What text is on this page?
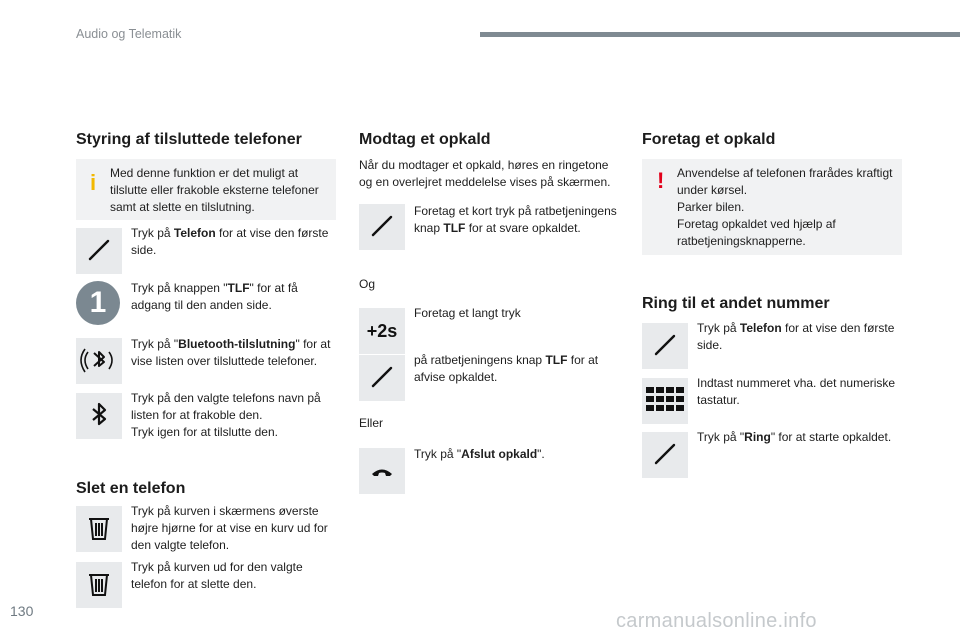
Audio og Telematik
Styring af tilsluttede telefoner
i Med denne funktion er det muligt at tilslutte eller frakoble eksterne telefoner samt at slette en tilslutning.
Tryk på Telefon for at vise den første side.
1	Tryk på knappen "TLF" for at få adgang til den anden side.
Tryk på "Bluetooth-tilslutning" for at vise listen over tilsluttede telefoner.
Tryk på den valgte telefons navn på listen for at frakoble den.
Tryk igen for at tilslutte den.
Slet en telefon
Tryk på kurven i skærmens øverste højre hjørne for at vise en kurv ud for den valgte telefon.
Tryk på kurven ud for den valgte telefon for at slette den.
Modtag et opkald
Når du modtager et opkald, høres en ringetone og en overlejret meddelelse vises på skærmen.
Foretag et kort tryk på ratbetjeningens knap TLF for at svare opkaldet.
Og
+2s
Foretag et langt tryk
på ratbetjeningens knap TLF for at afvise opkaldet.
Eller
Tryk på "Afslut opkald".
Foretag et opkald
! Anvendelse af telefonen frarådes kraftigt under kørsel.
Parker bilen.
Foretag opkaldet ved hjælp af ratbetjeningsknapperne.
Ring til et andet nummer
Tryk på Telefon for at vise den første side.
Indtast nummeret vha. det numeriske tastatur.
Tryk på "Ring" for at starte opkaldet.
130	carmanualsonline.info
